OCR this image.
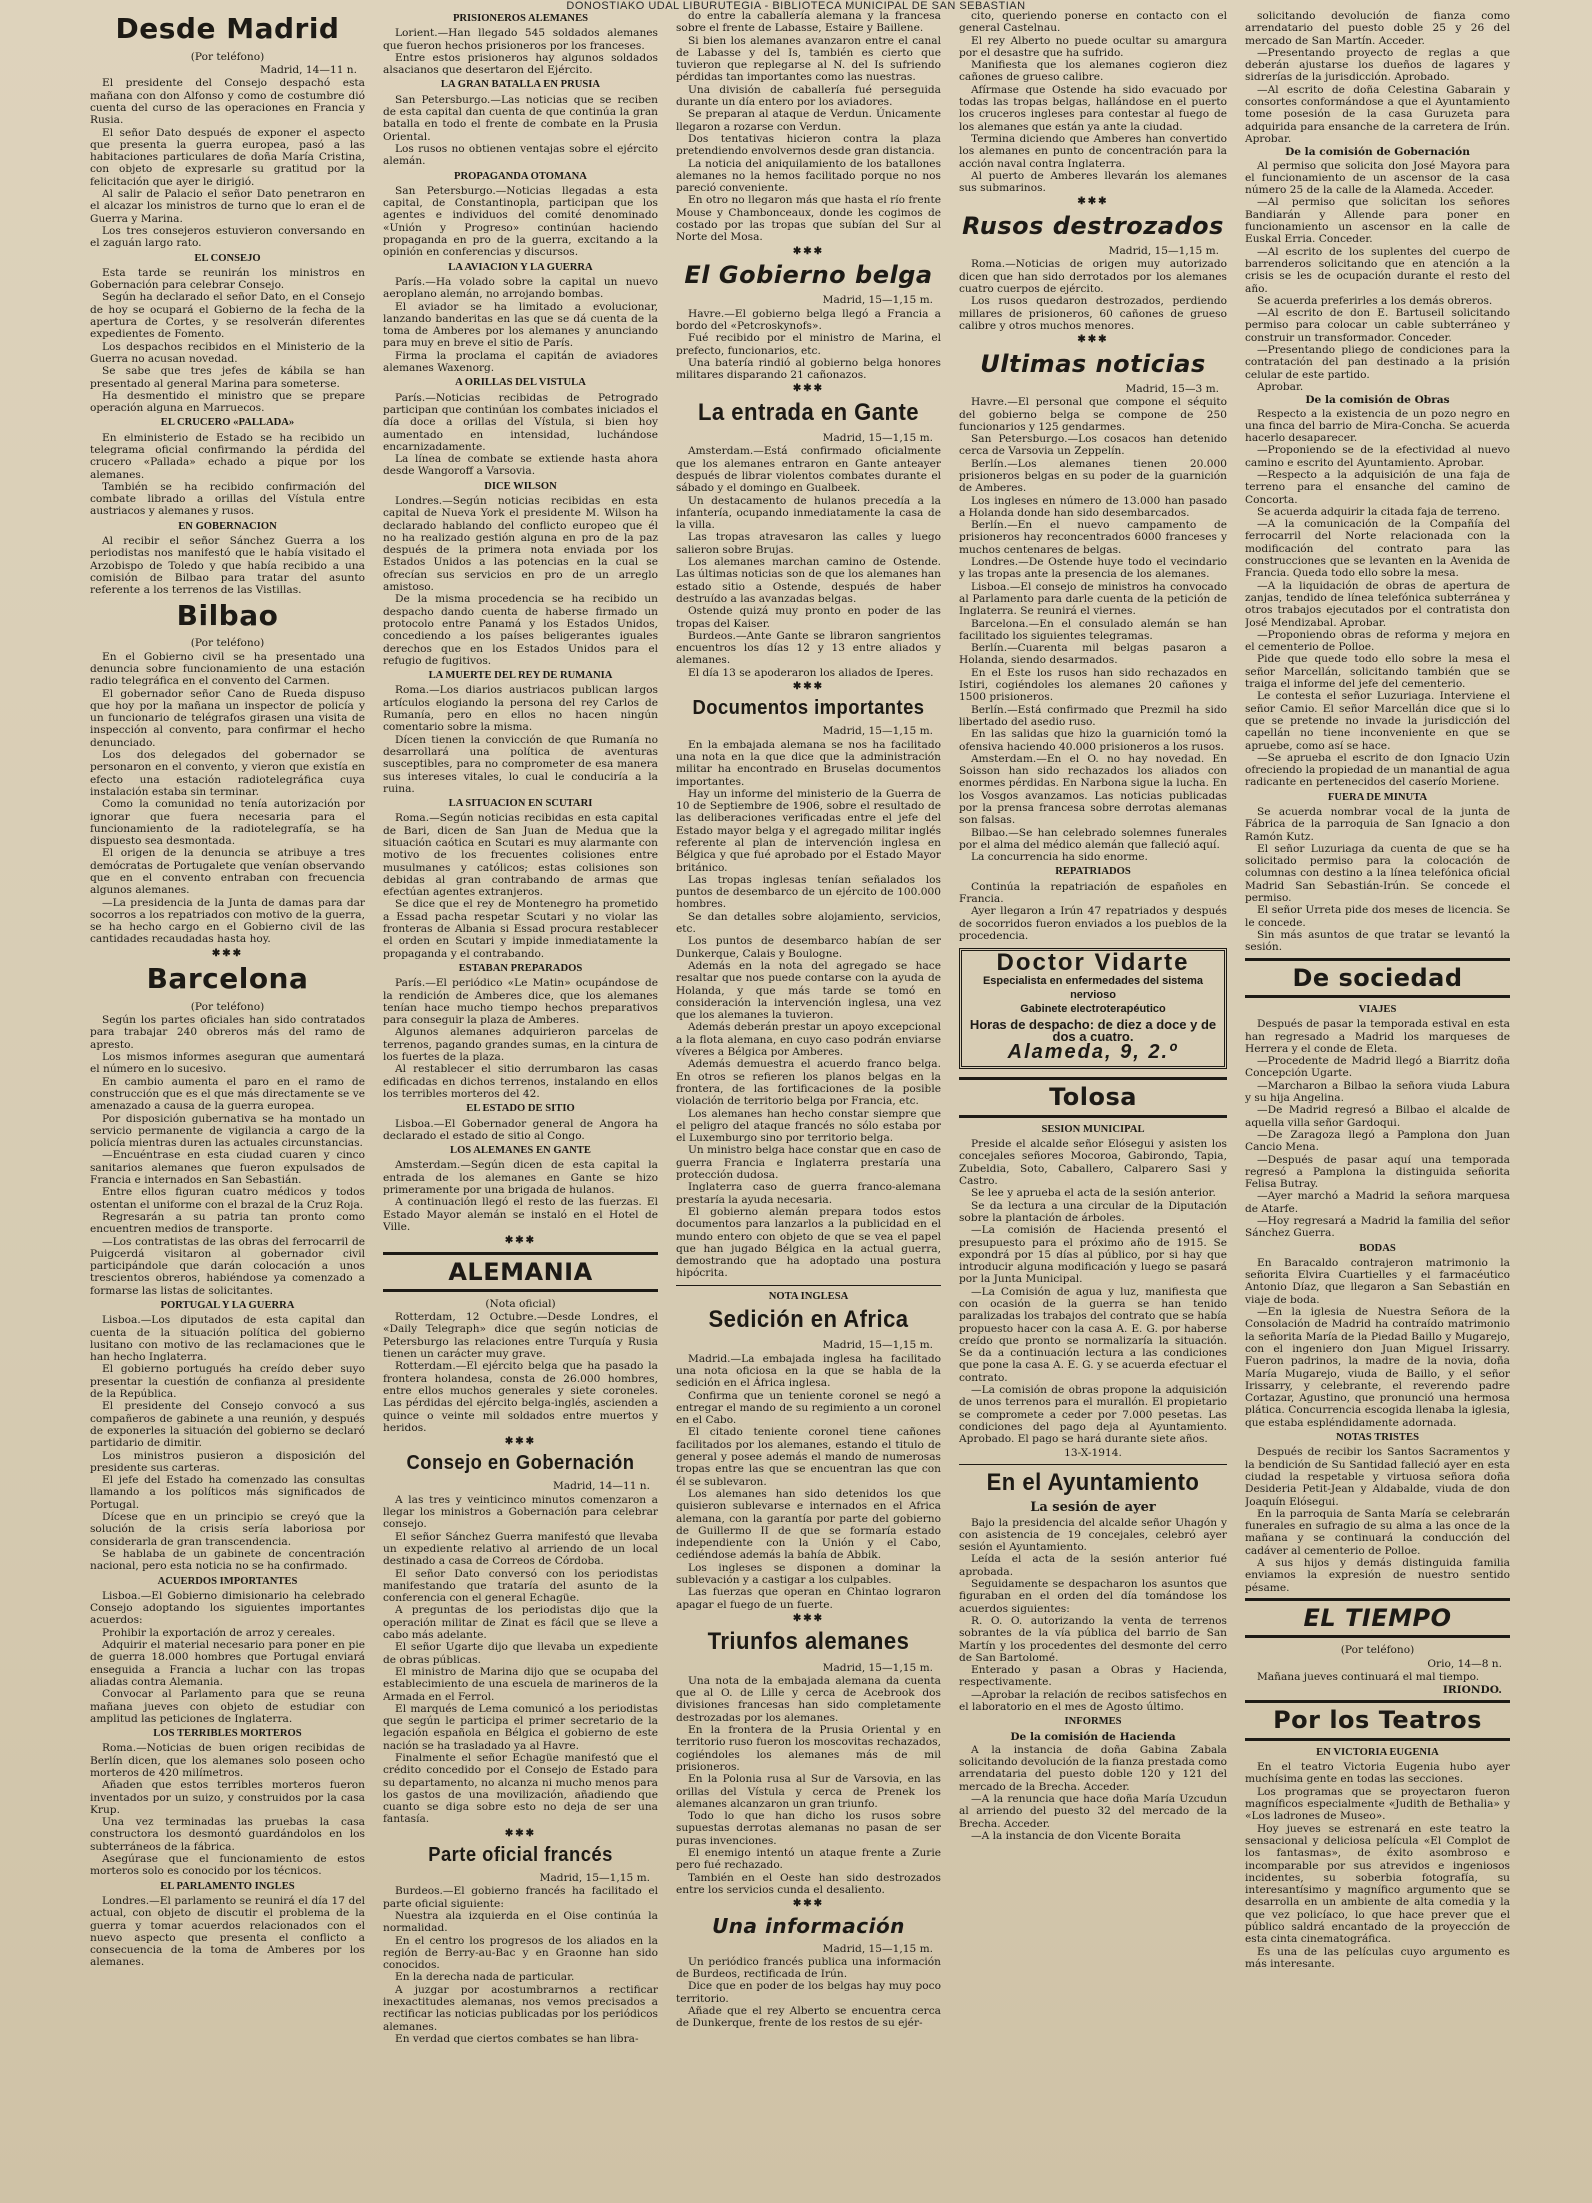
DONOSTIAKO UDAL LIBURUTEGIA - BIBLIOTECA MUNICIPAL DE SAN SEBASTIAN
Desde Madrid
(Por teléfono)
Madrid, 14—11 n.

El presidente del Consejo despachó esta mañana con don Alfonso y como de costumbre dió cuenta del curso de las operaciones en Francia y Rusia.

El señor Dato después de exponer el aspecto que presenta la guerra europea, pasó a las habitaciones particulares de doña María Cristina, con objeto de expresarle su gratitud por la felicitación que ayer le dirigió.

Al salir de Palacio el señor Dato penetraron en el alcazar los ministros de turno que lo eran el de Guerra y Marina.

Los tres consejeros estuvieron conversando en el zaguán largo rato.

EL CONSEJO

Esta tarde se reunirán los ministros en Gobernación para celebrar Consejo.

Según ha declarado el señor Dato, en el Consejo de hoy se ocupará el Gobierno de la fecha de la apertura de Cortes, y se resolverán diferentes expedientes de Fomento.

Los despachos recibidos en el Ministerio de la Guerra no acusan novedad.

Se sabe que tres jefes de kábila se han presentado al general Marina para someterse.

Ha desmentido el ministro que se prepare operación alguna en Marruecos.

EL CRUCERO «PALLADA»

En elministerio de Estado se ha recibido un telegrama oficial confirmando la pérdida del crucero «Pallada» echado a pique por los alemanes.

También se ha recibido confirmación del combate librado a orillas del Vístula entre austriacos y alemanes y rusos.

EN GOBERNACION

Al recibir el señor Sánchez Guerra a los periodistas nos manifestó que le había visitado el Arzobispo de Toledo y que había recibido a una comisión de Bilbao para tratar del asunto referente a los terrenos de las Vistillas.

Bilbao
(Por teléfono)

En el Gobierno civil se ha presentado una denuncia sobre funcionamiento de una estación radio telegráfica en el convento del Carmen.

El gobernador señor Cano de Rueda dispuso que hoy por la mañana un inspector de policía y un funcionario de telégrafos girasen una visita de inspección al convento, para confirmar el hecho denunciado.

Los dos delegados del gobernador se personaron en el convento, y vieron que existía en efecto una estación radiotelegráfica cuya instalación estaba sin terminar.

Como la comunidad no tenía autorización por ignorar que fuera necesaria para el funcionamiento de la radiotelegrafía, se ha dispuesto sea desmontada.

El origen de la denuncia se atribuye a tres demócratas de Portugalete que venían observando que en el convento entraban con frecuencia algunos alemanes.

—La presidencia de la Junta de damas para dar socorros a los repatriados con motivo de la guerra, se ha hecho cargo en el Gobierno civil de las cantidades recaudadas hasta hoy.

✱✱✱
Barcelona
(Por teléfono)

Según los partes oficiales han sido contratados para trabajar 240 obreros más del ramo de apresto.

Los mismos informes aseguran que aumentará el número en lo sucesivo.

En cambio aumenta el paro en el ramo de construcción que es el que más directamente se ve amenazado a causa de la guerra europea.

Por disposición gubernativa se ha montado un servicio permanente de vigilancia a cargo de la policía mientras duren las actuales circunstancias.

—Encuéntrase en esta ciudad cuaren y cinco sanitarios alemanes que fueron expulsados de Francia e internados en San Sebastián.

Entre ellos figuran cuatro médicos y todos ostentan el uniforme con el brazal de la Cruz Roja.

Regresarán a su patria tan pronto como encuentren medios de transporte.

—Los contratistas de las obras del ferrocarril de Puigcerdá visitaron al gobernador civil participándole que darán colocación a unos trescientos obreros, habiéndose ya comenzado a formarse las listas de solicitantes.

PORTUGAL Y LA GUERRA

Lisboa.—Los diputados de esta capital dan cuenta de la situación política del gobierno lusitano con motivo de las reclamaciones que le han hecho Inglaterra.

El gobierno portugués ha creído deber suyo presentar la cuestión de confianza al presidente de la República.

El presidente del Consejo convocó a sus compañeros de gabinete a una reunión, y después de exponerles la situación del gobierno se declaró partidario de dimitir.

Los ministros pusieron a disposición del presidente sus carteras.

El jefe del Estado ha comenzado las consultas llamando a los políticos más significados de Portugal.

Dícese que en un principio se creyó que la solución de la crisis sería laboriosa por considerarla de gran transcendencia.

Se hablaba de un gabinete de concentración nacional, pero esta noticia no se ha confirmado.

ACUERDOS IMPORTANTES

Lisboa.—El Gobierno dimisionario ha celebrado Consejo adoptando los siguientes importantes acuerdos:

Prohibir la exportación de arroz y cereales.

Adquirir el material necesario para poner en pie de guerra 18.000 hombres que Portugal enviará enseguida a Francia a luchar con las tropas aliadas contra Alemania.

Convocar al Parlamento para que se reuna mañana jueves con objeto de estudiar con amplitud las peticiones de Inglaterra.

LOS TERRIBLES MORTEROS

Roma.—Noticias de buen origen recibidas de Berlín dicen, que los alemanes solo poseen ocho morteros de 420 milímetros.

Añaden que estos terribles morteros fueron inventados por un suizo, y construidos por la casa Krup.

Una vez terminadas las pruebas la casa constructora los desmontó guardándolos en los subterráneos de la fábrica.

Asegúrase que el funcionamiento de estos morteros solo es conocido por los técnicos.

EL PARLAMENTO INGLES

Londres.—El parlamento se reunirá el día 17 del actual, con objeto de discutir el problema de la guerra y tomar acuerdos relacionados con el nuevo aspecto que presenta el conflicto a consecuencia de la toma de Amberes por los alemanes.

PRISIONEROS ALEMANES

Lorient.—Han llegado 545 soldados alemanes que fueron hechos prisioneros por los franceses.

Entre estos prisioneros hay algunos soldados alsacianos que desertaron del Ejército.

LA GRAN BATALLA EN PRUSIA

San Petersburgo.—Las noticias que se reciben de esta capital dan cuenta de que continúa la gran batalla en todo el frente de combate en la Prusia Oriental.

Los rusos no obtienen ventajas sobre el ejército alemán.

PROPAGANDA OTOMANA

San Petersburgo.—Noticias llegadas a esta capital, de Constantinopla, participan que los agentes e individuos del comité denominado «Unión y Progreso» continúan haciendo propaganda en pro de la guerra, excitando a la opinión en conferencias y discursos.

LA AVIACION Y LA GUERRA

París.—Ha volado sobre la capital un nuevo aeroplano alemán, no arrojando bombas.

El aviador se ha limitado a evolucionar, lanzando banderitas en las que se dá cuenta de la toma de Amberes por los alemanes y anunciando para muy en breve el sitio de París.

Firma la proclama el capitán de aviadores alemanes Waxenorg.

A ORILLAS DEL VISTULA

París.—Noticias recibidas de Petrogrado participan que continúan los combates iniciados el día doce a orillas del Vístula, si bien hoy aumentado en intensidad, luchándose encarnizadamente.

La línea de combate se extiende hasta ahora desde Wangoroff a Varsovia.

DICE WILSON

Londres.—Según noticias recibidas en esta capital de Nueva York el presidente M. Wilson ha declarado hablando del conflicto europeo que él no ha realizado gestión alguna en pro de la paz después de la primera nota enviada por los Estados Unidos a las potencias en la cual se ofrecían sus servicios en pro de un arreglo amistoso.

De la misma procedencia se ha recibido un despacho dando cuenta de haberse firmado un protocolo entre Panamá y los Estados Unidos, concediendo a los países beligerantes iguales derechos que en los Estados Unidos para el refugio de fugitivos.

LA MUERTE DEL REY DE RUMANIA

Roma.—Los diarios austriacos publican largos artículos elogiando la persona del rey Carlos de Rumanía, pero en ellos no hacen ningún comentario sobre la misma.

Dícen tienen la convicción de que Rumanía no desarrollará una política de aventuras susceptibles, para no comprometer de esa manera sus intereses vitales, lo cual le conduciría a la ruina.

LA SITUACION EN SCUTARI

Roma.—Según noticias recibidas en esta capital de Bari, dicen de San Juan de Medua que la situación caótica en Scutari es muy alarmante con motivo de los frecuentes colisiones entre musulmanes y católicos; estas colisiones son debidas al gran contrabando de armas que efectúan agentes extranjeros.

Se dice que el rey de Montenegro ha prometido a Essad pacha respetar Scutari y no violar las fronteras de Albania si Essad procura restablecer el orden en Scutari y impide inmediatamente la propaganda y el contrabando.

ESTABAN PREPARADOS

París.—El periódico «Le Matin» ocupándose de la rendición de Amberes dice, que los alemanes tenían hace mucho tiempo hechos preparativos para conseguir la plaza de Amberes.

Algunos alemanes adquirieron parcelas de terrenos, pagando grandes sumas, en la cintura de los fuertes de la plaza.

Al restablecer el sitio derrumbaron las casas edificadas en dichos terrenos, instalando en ellos los terribles morteros del 42.

EL ESTADO DE SITIO

Lisboa.—El Gobernador general de Angora ha declarado el estado de sitio al Congo.

LOS ALEMANES EN GANTE

Amsterdam.—Según dicen de esta capital la entrada de los alemanes en Gante se hizo primeramente por una brigada de hulanos.

A continuación llegó el resto de las fuerzas. El Estado Mayor alemán se instaló en el Hotel de Ville.

✱✱✱
ALEMANIA
(Nota oficial)

Rotterdam, 12 Octubre.—Desde Londres, el «Daily Telegraph» dice que según noticias de Petersburgo las relaciones entre Turquía y Rusia tienen un carácter muy grave.

Rotterdam.—El ejército belga que ha pasado la frontera holandesa, consta de 26.000 hombres, entre ellos muchos generales y siete coroneles. Las pérdidas del ejército belga-inglés, ascienden a quince o veinte mil soldados entre muertos y heridos.

✱✱✱
Consejo en Gobernación
Madrid, 14—11 n.

A las tres y veinticinco minutos comenzaron a llegar los ministros a Gobernación para celebrar consejo.

El señor Sánchez Guerra manifestó que llevaba un expediente relativo al arriendo de un local destinado a casa de Correos de Córdoba.

El señor Dato conversó con los periodistas manifestando que trataría del asunto de la conferencia con el general Echagüe.

A preguntas de los periodistas dijo que la operación militar de Zinat es fácil que se lleve a cabo más adelante.

El señor Ugarte dijo que llevaba un expediente de obras públicas.

El ministro de Marina dijo que se ocupaba del establecimiento de una escuela de marineros de la Armada en el Ferrol.

El marqués de Lema comunicó a los periodistas que según le participa el primer secretario de la legación española en Bélgica el gobierno de este nación se ha trasladado ya al Havre.

Finalmente el señor Echagüe manifestó que el crédito concedido por el Consejo de Estado para su departamento, no alcanza ni mucho menos para los gastos de una movilización, añadiendo que cuanto se diga sobre esto no deja de ser una fantasía.

✱✱✱
Parte oficial francés
Madrid, 15—1,15 m.

Burdeos.—El gobierno francés ha facilitado el parte oficial siguiente:

Nuestra ala izquierda en el Oise continúa la normalidad.

En el centro los progresos de los aliados en la región de Berry-au-Bac y en Graonne han sido conocidos.

En la derecha nada de particular.

A juzgar por acostumbrarnos a rectificar inexactitudes alemanas, nos vemos precisados a rectificar las noticias publicadas por los periódicos alemanes.

En verdad que ciertos combates se han libra-

do entre la caballería alemana y la francesa sobre el frente de Labasse, Estaire y Baillene.

Si bien los alemanes avanzaron entre el canal de Labasse y del Is, también es cierto que tuvieron que replegarse al N. del Is sufriendo pérdidas tan importantes como las nuestras.

Una división de caballería fué perseguida durante un día entero por los aviadores.

Se preparan al ataque de Verdun. Únicamente llegaron a rozarse con Verdun.

Dos tentativas hicieron contra la plaza pretendiendo envolvernos desde gran distancia.

La noticia del aniquilamiento de los batallones alemanes no la hemos facilitado porque no nos pareció conveniente.

En otro no llegaron más que hasta el río frente Mouse y Chambonceaux, donde les cogimos de costado por las tropas que subían del Sur al Norte del Mosa.

✱✱✱
El Gobierno belga
Madrid, 15—1,15 m.

Havre.—El gobierno belga llegó a Francia a bordo del «Petcroskynofs».

Fué recibido por el ministro de Marina, el prefecto, funcionarios, etc.

Una batería rindió al gobierno belga honores militares disparando 21 cañonazos.

✱✱✱
La entrada en Gante
Madrid, 15—1,15 m.

Amsterdam.—Está confirmado oficialmente que los alemanes entraron en Gante anteayer después de librar violentos combates durante el sábado y el domingo en Gualbeek.

Un destacamento de hulanos precedía a la infantería, ocupando inmediatamente la casa de la villa.

Las tropas atravesaron las calles y luego salieron sobre Brujas.

Los alemanes marchan camino de Ostende. Las últimas noticias son de que los alemanes han estado sitio a Ostende, después de haber destruído a las avanzadas belgas.

Ostende quizá muy pronto en poder de las tropas del Kaiser.

Burdeos.—Ante Gante se libraron sangrientos encuentros los días 12 y 13 entre aliados y alemanes.

El día 13 se apoderaron los aliados de Iperes.

✱✱✱
Documentos importantes
Madrid, 15—1,15 m.

En la embajada alemana se nos ha facilitado una nota en la que dice que la administración militar ha encontrado en Bruselas documentos importantes.

Hay un informe del ministerio de la Guerra de 10 de Septiembre de 1906, sobre el resultado de las deliberaciones verificadas entre el jefe del Estado mayor belga y el agregado militar inglés referente al plan de intervención inglesa en Bélgica y que fué aprobado por el Estado Mayor británico.

Las tropas inglesas tenían señalados los puntos de desembarco de un ejército de 100.000 hombres.

Se dan detalles sobre alojamiento, servicios, etc.

Los puntos de desembarco habían de ser Dunkerque, Calais y Boulogne.

Además en la nota del agregado se hace resaltar que nos puede contarse con la ayuda de Holanda, y que más tarde se tomó en consideración la intervención inglesa, una vez que los alemanes la tuvieron.

Además deberán prestar un apoyo excepcional a la flota alemana, en cuyo caso podrán enviarse víveres a Bélgica por Amberes.

Además demuestra el acuerdo franco belga. En otros se refieren los planos belgas en la frontera, de las fortificaciones de la posible violación de territorio belga por Francia, etc.

Los alemanes han hecho constar siempre que el peligro del ataque francés no sólo estaba por el Luxemburgo sino por territorio belga.

Un ministro belga hace constar que en caso de guerra Francia e Inglaterra prestaría una protección dudosa.

Inglaterra caso de guerra franco-alemana prestaría la ayuda necesaria.

El gobierno alemán prepara todos estos documentos para lanzarlos a la publicidad en el mundo entero con objeto de que se vea el papel que han jugado Bélgica en la actual guerra, demostrando que ha adoptado una postura hipócrita.

NOTA INGLESA
Sedición en Africa
Madrid, 15—1,15 m.

Madrid.—La embajada inglesa ha facilitado una nota oficiosa en la que se habla de la sedición en el África inglesa.

Confirma que un teniente coronel se negó a entregar el mando de su regimiento a un coronel en el Cabo.

El citado teniente coronel tiene cañones facilitados por los alemanes, estando el titulo de general y posee además el mando de numerosas tropas entre las que se encuentran las que con él se sublevaron.

Los alemanes han sido detenidos los que quisieron sublevarse e internados en el Africa alemana, con la garantía por parte del gobierno de Guillermo II de que se formaría estado independiente con la Unión y el Cabo, cediéndose además la bahía de Abbik.

Los ingleses se disponen a dominar la sublevación y a castigar a los culpables.

Las fuerzas que operan en Chintao lograron apagar el fuego de un fuerte.

✱✱✱
Triunfos alemanes
Madrid, 15—1,15 m.

Una nota de la embajada alemana da cuenta que al O. de Lille y cerca de Acebrook dos divisiones francesas han sido completamente destrozadas por los alemanes.

En la frontera de la Prusia Oriental y en territorio ruso fueron los moscovitas rechazados, cogiéndoles los alemanes más de mil prisioneros.

En la Polonia rusa al Sur de Varsovia, en las orillas del Vístula y cerca de Prenek los alemanes alcanzaron un gran triunfo.

Todo lo que han dicho los rusos sobre supuestas derrotas alemanas no pasan de ser puras invenciones.

El enemigo intentó un ataque frente a Zurie pero fué rechazado.

También en el Oeste han sido destrozados entre los servicios cunda el desaliento.

✱✱✱
Una información
Madrid, 15—1,15 m.

Un periódico francés publica una información de Burdeos, rectificada de Irún.

Dice que en poder de los belgas hay muy poco territorio.

Añade que el rey Alberto se encuentra cerca de Dunkerque, frente de los restos de su ejér-

cito, queriendo ponerse en contacto con el general Castelnau.

El rey Alberto no puede ocultar su amargura por el desastre que ha sufrido.

Manifiesta que los alemanes cogieron diez cañones de grueso calibre.

Afírmase que Ostende ha sido evacuado por todas las tropas belgas, hallándose en el puerto los cruceros ingleses para contestar al fuego de los alemanes que están ya ante la ciudad.

Termina diciendo que Amberes han convertido los alemanes en punto de concentración para la acción naval contra Inglaterra.

Al puerto de Amberes llevarán los alemanes sus submarinos.

✱✱✱
Rusos destrozados
Madrid, 15—1,15 m.

Roma.—Noticias de origen muy autorizado dicen que han sido derrotados por los alemanes cuatro cuerpos de ejército.

Los rusos quedaron destrozados, perdiendo millares de prisioneros, 60 cañones de grueso calibre y otros muchos menores.

✱✱✱
Ultimas noticias
Madrid, 15—3 m.

Havre.—El personal que compone el séquito del gobierno belga se compone de 250 funcionarios y 125 gendarmes.

San Petersburgo.—Los cosacos han detenido cerca de Varsovia un Zeppelín.

Berlín.—Los alemanes tienen 20.000 prisioneros belgas en su poder de la guarnición de Amberes.

Los ingleses en número de 13.000 han pasado a Holanda donde han sido desembarcados.

Berlín.—En el nuevo campamento de prisioneros hay reconcentrados 6000 franceses y muchos centenares de belgas.

Londres.—De Ostende huye todo el vecindario y las tropas ante la presencia de los alemanes.

Lisboa.—El consejo de ministros ha convocado al Parlamento para darle cuenta de la petición de Inglaterra. Se reunirá el viernes.

Barcelona.—En el consulado alemán se han facilitado los siguientes telegramas.

Berlín.—Cuarenta mil belgas pasaron a Holanda, siendo desarmados.

En el Este los rusos han sido rechazados en Istiri, cogiéndoles los alemanes 20 cañones y 1500 prisioneros.

Berlín.—Está confirmado que Prezmil ha sido libertado del asedio ruso.

En las salidas que hizo la guarnición tomó la ofensiva haciendo 40.000 prisioneros a los rusos.

Amsterdam.—En el O. no hay novedad. En Soisson han sido rechazados los aliados con enormes pérdidas. En Narbona sigue la lucha. En los Vosgos avanzamos. Las noticias publicadas por la prensa francesa sobre derrotas alemanas son falsas.

Bilbao.—Se han celebrado solemnes funerales por el alma del médico alemán que falleció aquí.

La concurrencia ha sido enorme.

REPATRIADOS

Continúa la repatriación de españoles en Francia.

Ayer llegaron a Irún 47 repatriados y después de socorridos fueron enviados a los pueblos de la procedencia.

Doctor Vidarte
Especialista en enfermedades del sistema nervioso
Gabinete electroterapéutico
Horas de despacho: de diez a doce y de dos a cuatro.
Alameda, 9, 2.º
Tolosa
SESION MUNICIPAL

Preside el alcalde señor Elósegui y asisten los concejales señores Mocoroa, Gabirondo, Tapia, Zubeldia, Soto, Caballero, Calparero Sasi y Castro.

Se lee y aprueba el acta de la sesión anterior.

Se da lectura a una circular de la Diputación sobre la plantación de árboles.

—La comisión de Hacienda presentó el presupuesto para el próximo año de 1915. Se expondrá por 15 días al público, por si hay que introducir alguna modificación y luego se pasará por la Junta Municipal.

—La Comisión de agua y luz, manifiesta que con ocasión de la guerra se han tenido paralizadas los trabajos del contrato que se había propuesto hacer con la casa A. E. G. por haberse creído que pronto se normalizaría la situación. Se da a continuación lectura a las condiciones que pone la casa A. E. G. y se acuerda efectuar el contrato.

—La comisión de obras propone la adquisición de unos terrenos para el murallón. El propietario se compromete a ceder por 7.000 pesetas. Las condiciones del pago deja al Ayuntamiento. Aprobado. El pago se hará durante siete años.

13-X-1914.
En el Ayuntamiento
La sesión de ayer

Bajo la presidencia del alcalde señor Uhagón y con asistencia de 19 concejales, celebró ayer sesión el Ayuntamiento.

Leída el acta de la sesión anterior fué aprobada.

Seguidamente se despacharon los asuntos que figuraban en el orden del día tomándose los acuerdos siguientes:

R. O. O. autorizando la venta de terrenos sobrantes de la vía pública del barrio de San Martín y los procedentes del desmonte del cerro de San Bartolomé.

Enterado y pasan a Obras y Hacienda, respectivamente.

—Aprobar la relación de recibos satisfechos en el laboratorio en el mes de Agosto último.

INFORMES
De la comisión de Hacienda

A la instancia de doña Gabina Zabala solicitando devolución de la fianza prestada como arrendataria del puesto doble 120 y 121 del mercado de la Brecha. Acceder.

—A la renuncia que hace doña María Uzcudun al arriendo del puesto 32 del mercado de la Brecha. Acceder.

—A la instancia de don Vicente Boraita

solicitando devolución de fianza como arrendatario del puesto doble 25 y 26 del mercado de San Martín. Acceder.

—Presentando proyecto de reglas a que deberán ajustarse los dueños de lagares y sidrerías de la jurisdicción. Aprobado.

—Al escrito de doña Celestina Gabarain y consortes conformándose a que el Ayuntamiento tome posesión de la casa Guruzeta para adquirida para ensanche de la carretera de Irún. Aprobar.

De la comisión de Gobernación

Al permiso que solicita don José Mayora para el funcionamiento de un ascensor de la casa número 25 de la calle de la Alameda. Acceder.

—Al permiso que solicitan los señores Bandiarán y Allende para poner en funcionamiento un ascensor en la calle de Euskal Erria. Conceder.

—Al escrito de los suplentes del cuerpo de barrenderos solicitando que en atención a la crisis se les de ocupación durante el resto del año.

Se acuerda preferirles a los demás obreros.

—Al escrito de don E. Bartuseil solicitando permiso para colocar un cable subterráneo y construir un transformador. Conceder.

—Presentando pliego de condiciones para la contratación del pan destinado a la prisión celular de este partido.

Aprobar.

De la comisión de Obras

Respecto a la existencia de un pozo negro en una finca del barrio de Mira-Concha. Se acuerda hacerlo desaparecer.

—Proponiendo se de la efectividad al nuevo camino e escrito del Ayuntamiento. Aprobar.

—Respecto a la adquisición de una faja de terreno para el ensanche del camino de Concorta.

Se acuerda adquirir la citada faja de terreno.

—A la comunicación de la Compañía del ferrocarril del Norte relacionada con la modificación del contrato para las construcciones que se levanten en la Avenida de Francia. Queda todo ello sobre la mesa.

—A la liquidación de obras de apertura de zanjas, tendido de línea telefónica subterránea y otros trabajos ejecutados por el contratista don José Mendizabal. Aprobar.

—Proponiendo obras de reforma y mejora en el cementerio de Polloe.

Pide que quede todo ello sobre la mesa el señor Marcellán, solicitando también que se traiga el informe del jefe del cementerio.

Le contesta el señor Luzuriaga. Interviene el señor Camio. El señor Marcellán dice que si lo que se pretende no invade la jurisdicción del capellán no tiene inconveniente en que se apruebe, como así se hace.

—Se aprueba el escrito de don Ignacio Uzin ofreciendo la propiedad de un manantial de agua radicante en pertenecidos del caserío Moriene.

FUERA DE MINUTA

Se acuerda nombrar vocal de la junta de Fábrica de la parroquia de San Ignacio a don Ramón Kutz.

El señor Luzuriaga da cuenta de que se ha solicitado permiso para la colocación de columnas con destino a la línea telefónica oficial Madrid San Sebastián-Irún. Se concede el permiso.

El señor Urreta pide dos meses de licencia. Se le concede.

Sin más asuntos de que tratar se levantó la sesión.

De sociedad
VIAJES

Después de pasar la temporada estival en esta han regresado a Madrid los marqueses de Herrera y el conde de Eleta.

—Procedente de Madrid llegó a Biarritz doña Concepción Ugarte.

—Marcharon a Bilbao la señora viuda Labura y su hija Angelina.

—De Madrid regresó a Bilbao el alcalde de aquella villa señor Gardoqui.

—De Zaragoza llegó a Pamplona don Juan Cancio Mena.

—Después de pasar aquí una temporada regresó a Pamplona la distinguida señorita Felisa Butray.

—Ayer marchó a Madrid la señora marquesa de Atarfe.

—Hoy regresará a Madrid la familia del señor Sánchez Guerra.

BODAS

En Baracaldo contrajeron matrimonio la señorita Elvira Cuartielles y el farmacéutico Antonio Díaz, que llegaron a San Sebastián en viaje de boda.

—En la iglesia de Nuestra Señora de la Consolación de Madrid ha contraído matrimonio la señorita María de la Piedad Baillo y Mugarejo, con el ingeniero don Juan Miguel Irissarry. Fueron padrinos, la madre de la novia, doña María Mugarejo, viuda de Baillo, y el señor Irissarry, y celebrante, el reverendo padre Cortazar, Agustino, que pronunció una hermosa plática. Concurrencia escogida llenaba la iglesia, que estaba espléndidamente adornada.

NOTAS TRISTES

Después de recibir los Santos Sacramentos y la bendición de Su Santidad falleció ayer en esta ciudad la respetable y virtuosa señora doña Desideria Petit-Jean y Aldabalde, viuda de don Joaquín Elósegui.

En la parroquia de Santa María se celebrarán funerales en sufragio de su alma a las once de la mañana y se continuará la conducción del cadáver al cementerio de Polloe.

A sus hijos y demás distinguida familia enviamos la expresión de nuestro sentido pésame.

EL TIEMPO
(Por teléfono)
Orio, 14—8 n.

Mañana jueves continuará el mal tiempo.

IRIONDO.
Por los Teatros
EN VICTORIA EUGENIA

En el teatro Victoria Eugenia hubo ayer muchísima gente en todas las secciones.

Los programas que se proyectaron fueron magníficos especialmente «Judith de Bethalia» y «Los ladrones de Museo».

Hoy jueves se estrenará en este teatro la sensacional y deliciosa película «El Complot de los fantasmas», de éxito asombroso e incomparable por sus atrevidos e ingeniosos incidentes, su soberbia fotografía, su interesantísimo y magnífico argumento que se desarrolla en un ambiente de alta comedia y la que vez policíaco, lo que hace prever que el público saldrá encantado de la proyección de esta cinta cinematográfica.

Es una de las películas cuyo argumento es más interesante.
